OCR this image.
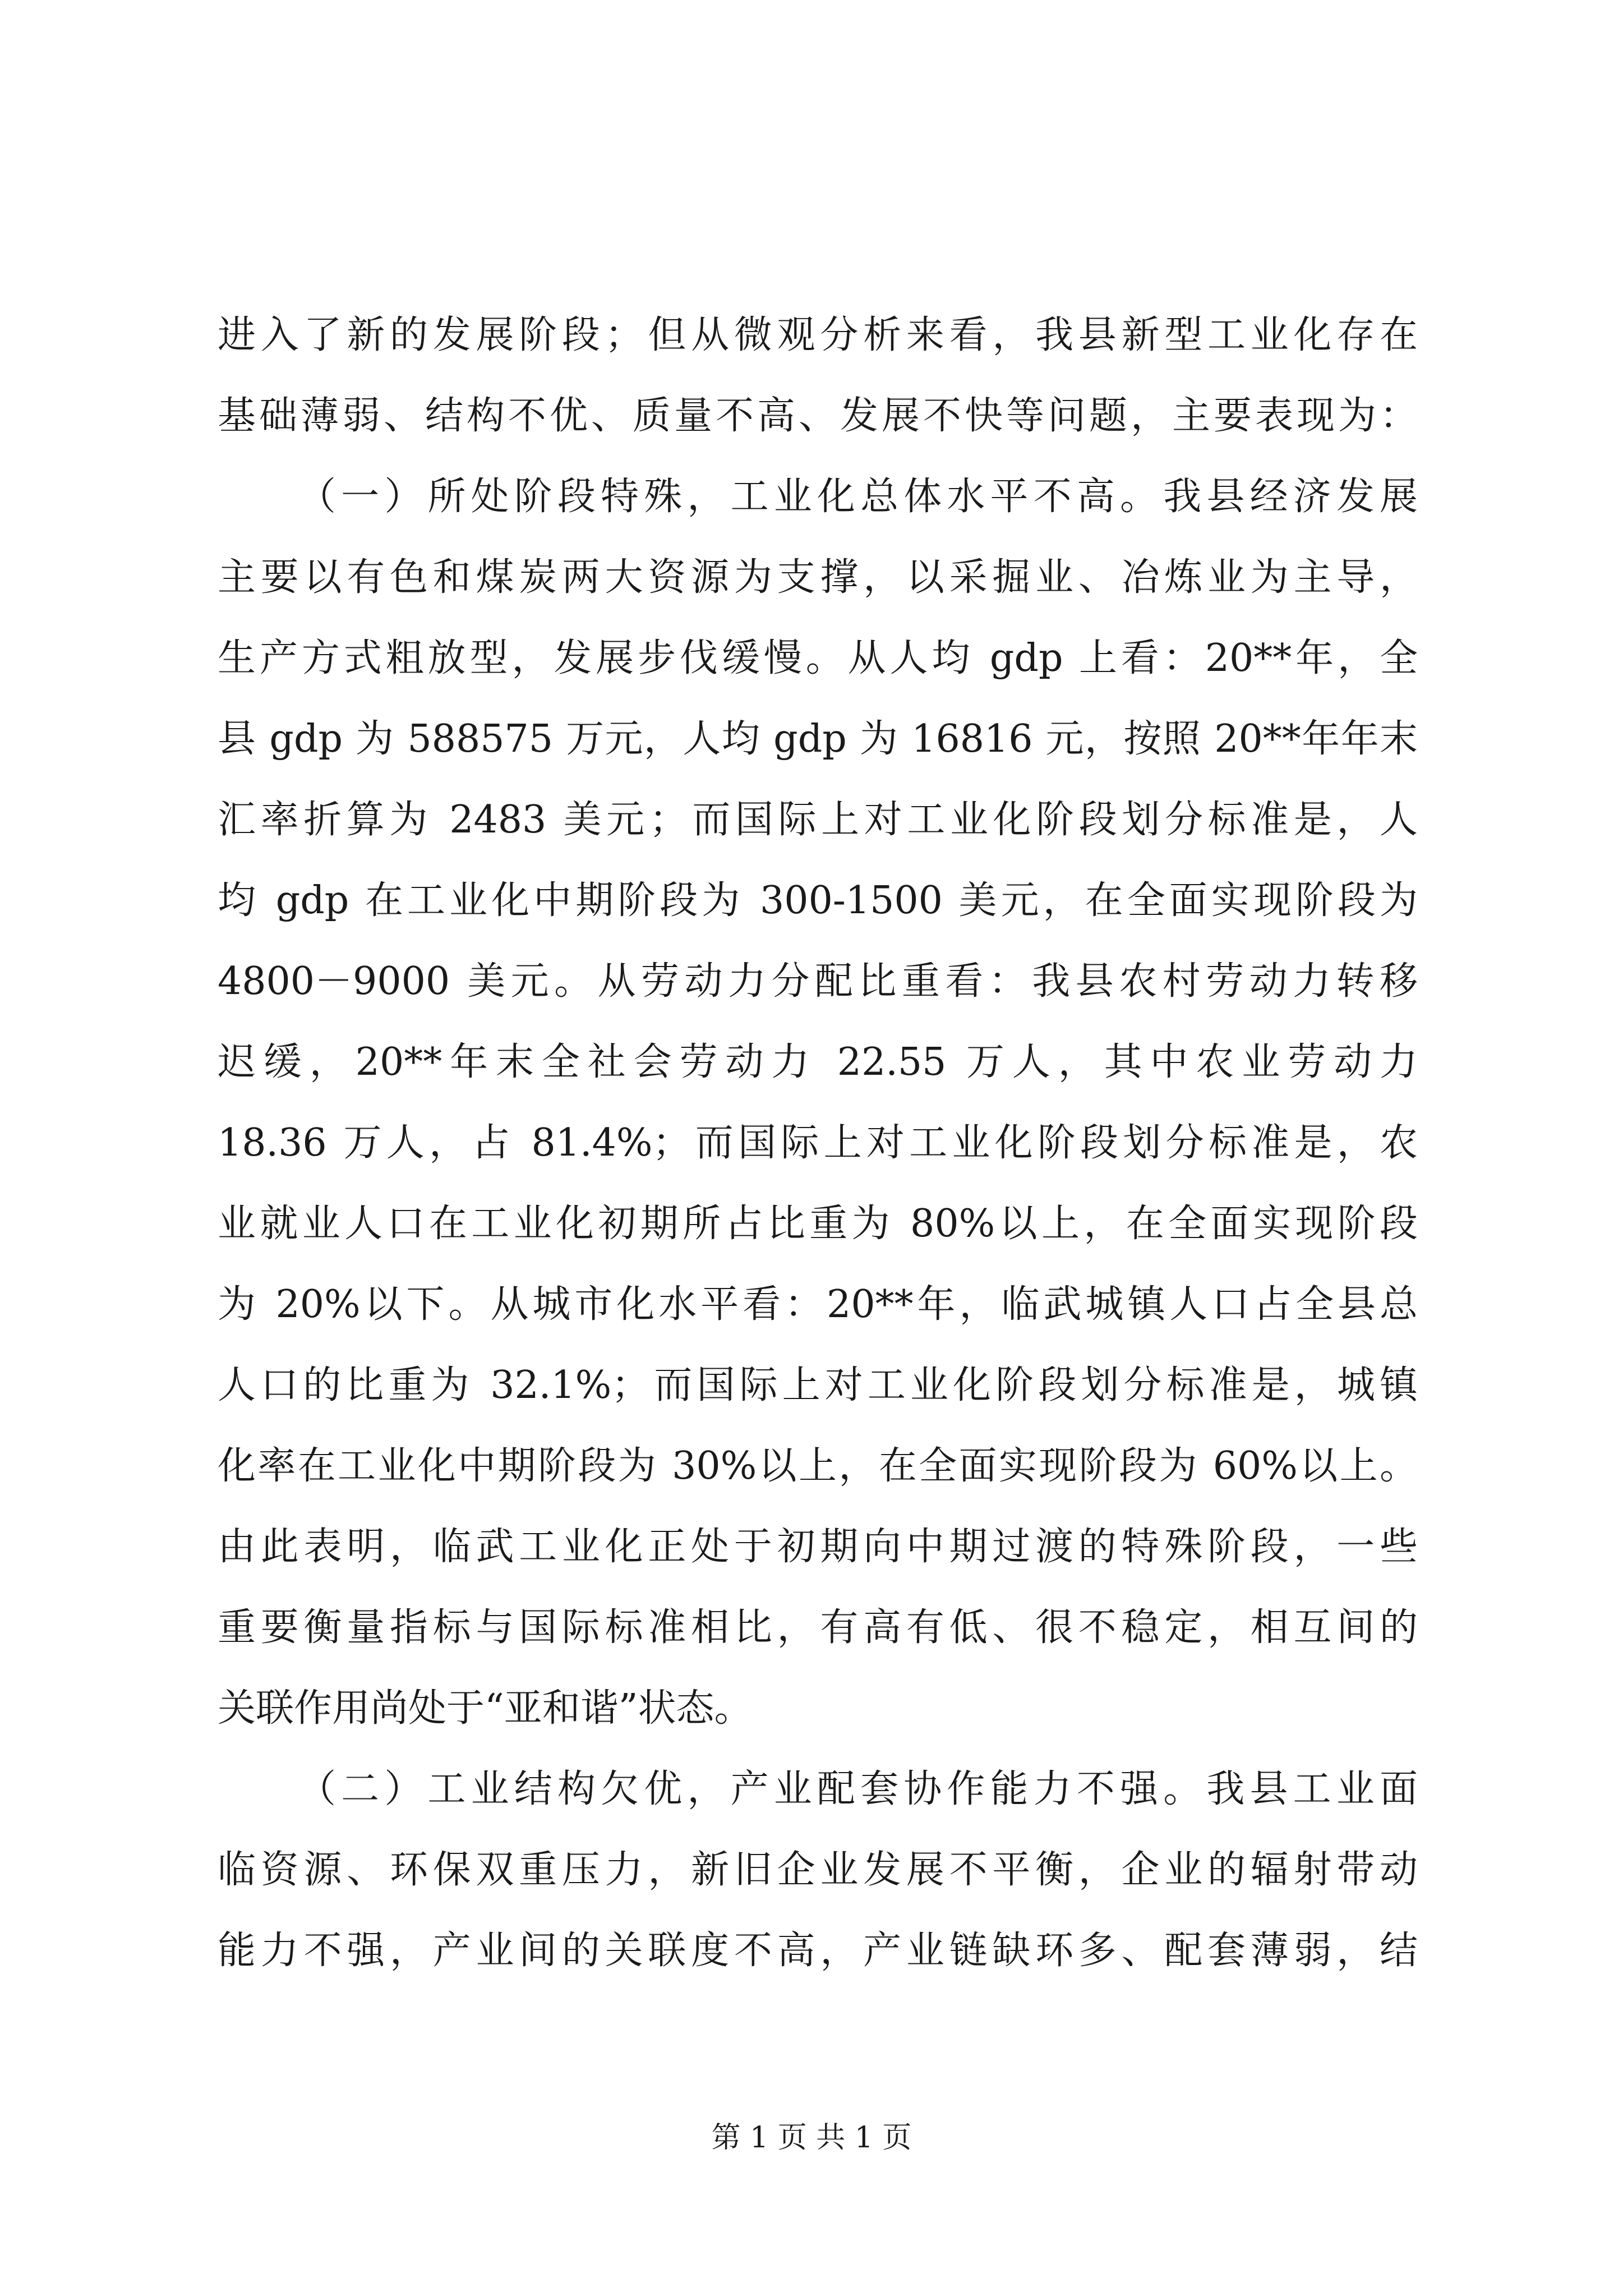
进入了新的发展阶段；但从微观分析来看，我县新型工业化存在
基础薄弱、结构不优、质量不高、发展不快等问题，主要表现为：
（一）所处阶段特殊，工业化总体水平不高。我县经济发展
主要以有色和煤炭两大资源为支撑，以采掘业、冶炼业为主导，
生产方式粗放型，发展步伐缓慢。从人均 gdp 上看：20**年，全
县 gdp 为 588575 万元，人均 gdp 为 16816 元，按照 20**年年末
汇率折算为 2483 美元；而国际上对工业化阶段划分标准是，人
均 gdp 在工业化中期阶段为 300-1500 美元，在全面实现阶段为
4800－9000 美元。从劳动力分配比重看：我县农村劳动力转移
迟缓，20**年末全社会劳动力 22.55 万人，其中农业劳动力
18.36 万人，占 81.4%；而国际上对工业化阶段划分标准是，农
业就业人口在工业化初期所占比重为 80%以上，在全面实现阶段
为 20%以下。从城市化水平看：20**年，临武城镇人口占全县总
人口的比重为 32.1%；而国际上对工业化阶段划分标准是，城镇
化率在工业化中期阶段为 30%以上，在全面实现阶段为 60%以上。
由此表明，临武工业化正处于初期向中期过渡的特殊阶段，一些
重要衡量指标与国际标准相比，有高有低、很不稳定，相互间的
关联作用尚处于“亚和谐”状态。
（二）工业结构欠优，产业配套协作能力不强。我县工业面
临资源、环保双重压力，新旧企业发展不平衡，企业的辐射带动
能力不强，产业间的关联度不高，产业链缺环多、配套薄弱，结
第 1 页 共 1 页
